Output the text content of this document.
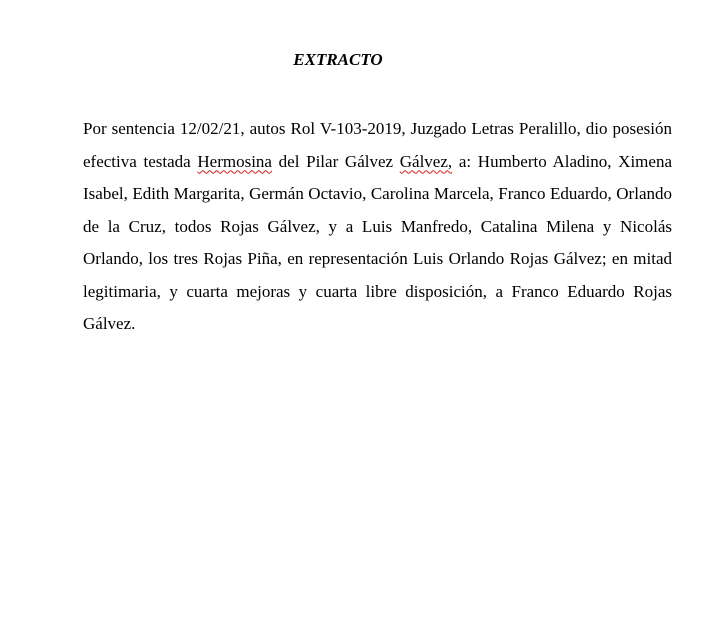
EXTRACTO

Por sentencia 12/02/21, autos Rol V-103-2019, Juzgado Letras Peralillo, dio posesión efectiva testada Hermosina del Pilar Gálvez Gálvez, a: Humberto Aladino, Ximena Isabel, Edith Margarita, Germán Octavio, Carolina Marcela, Franco Eduardo, Orlando de la Cruz, todos Rojas Gálvez, y a Luis Manfredo, Catalina Milena y Nicolás Orlando, los tres Rojas Piña, en representación Luis Orlando Rojas Gálvez; en mitad legitimaria, y cuarta mejoras y cuarta libre disposición, a Franco Eduardo Rojas Gálvez.
